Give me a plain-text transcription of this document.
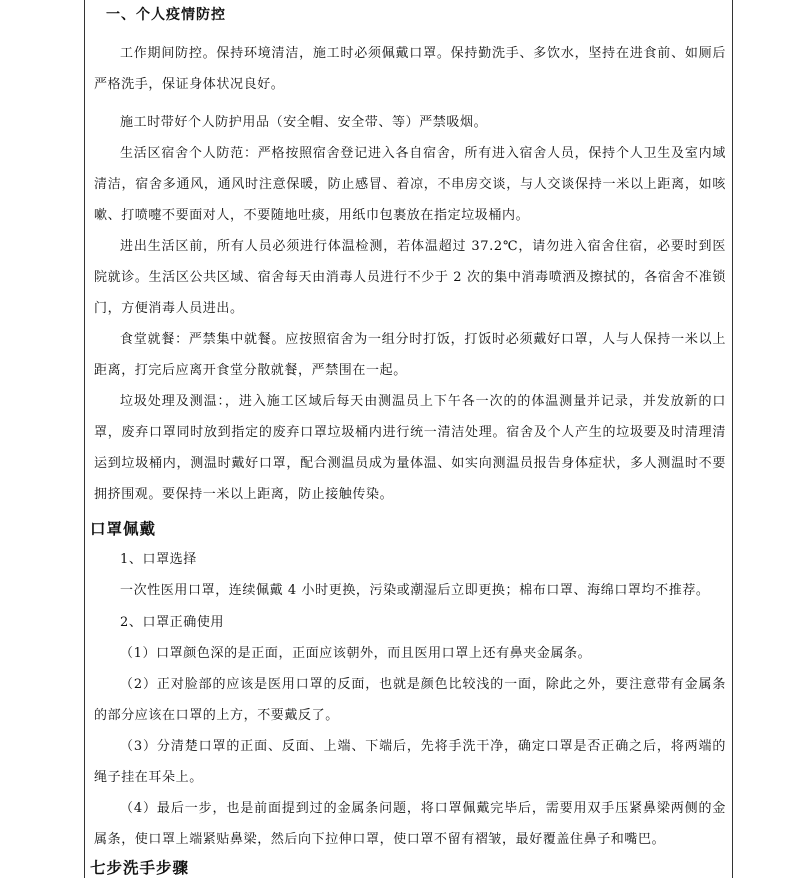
一、个人疫情防控
工作期间防控。保持环境清洁，施工时必须佩戴口罩。保持勤洗手、多饮水，坚持在进食前、如厕后严格洗手，保证身体状况良好。
施工时带好个人防护用品（安全帽、安全带、等）严禁吸烟。
生活区宿舍个人防范：严格按照宿舍登记进入各自宿舍，所有进入宿舍人员，保持个人卫生及室内域清洁，宿舍多通风，通风时注意保暖，防止感冒、着凉，不串房交谈，与人交谈保持一米以上距离，如咳嗽、打喷嚏不要面对人，不要随地吐痰，用纸巾包裹放在指定垃圾桶内。
进出生活区前，所有人员必须进行体温检测，若体温超过 37.2℃，请勿进入宿舍住宿，必要时到医院就诊。生活区公共区域、宿舍每天由消毒人员进行不少于 2 次的集中消毒喷洒及擦拭的，各宿舍不准锁门，方便消毒人员进出。
食堂就餐：严禁集中就餐。应按照宿舍为一组分时打饭，打饭时必须戴好口罩，人与人保持一米以上距离，打完后应离开食堂分散就餐，严禁围在一起。
垃圾处理及测温：，进入施工区域后每天由测温员上下午各一次的的体温测量并记录，并发放新的口罩，废弃口罩同时放到指定的废弃口罩垃圾桶内进行统一清洁处理。宿舍及个人产生的垃圾要及时清理清运到垃圾桶内，测温时戴好口罩，配合测温员成为量体温、如实向测温员报告身体症状，多人测温时不要拥挤围观。要保持一米以上距离，防止接触传染。
口罩佩戴
1、口罩选择
一次性医用口罩，连续佩戴 4 小时更换，污染或潮湿后立即更换；棉布口罩、海绵口罩均不推荐。
2、口罩正确使用
（1）口罩颜色深的是正面，正面应该朝外，而且医用口罩上还有鼻夹金属条。
（2）正对脸部的应该是医用口罩的反面，也就是颜色比较浅的一面，除此之外，要注意带有金属条的部分应该在口罩的上方，不要戴反了。
（3）分清楚口罩的正面、反面、上端、下端后，先将手洗干净，确定口罩是否正确之后，将两端的绳子挂在耳朵上。
（4）最后一步，也是前面提到过的金属条问题，将口罩佩戴完毕后，需要用双手压紧鼻梁两侧的金属条，使口罩上端紧贴鼻梁，然后向下拉伸口罩，使口罩不留有褶皱，最好覆盖住鼻子和嘴巴。
七步洗手步骤
